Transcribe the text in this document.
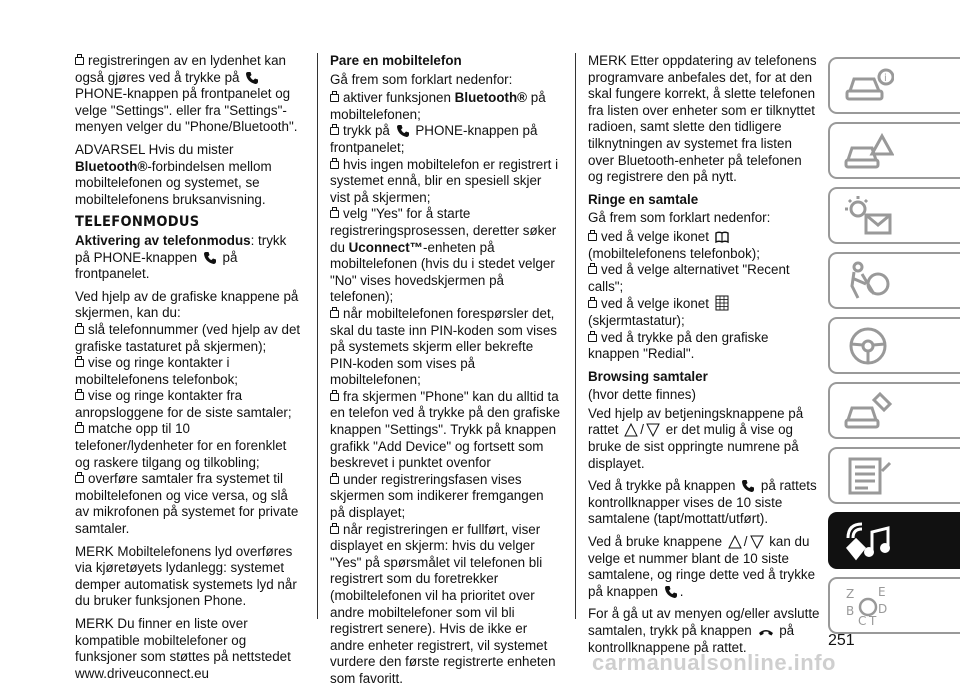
registreringen av en lydenhet kan også gjøres ved å trykke på  PHONE-knappen på frontpanelet og velge "Settings". eller fra "Settings"-menyen velger du "Phone/Bluetooth".

ADVARSEL Hvis du mister Bluetooth®-forbindelsen mellom mobiltelefonen og systemet, se mobiltelefonens bruksanvisning.

TELEFONMODUS

Aktivering av telefonmodus: trykk på PHONE-knappen på frontpanelet.

Ved hjelp av de grafiske knappene på skjermen, kan du:

slå telefonnummer (ved hjelp av det grafiske tastaturet på skjermen);
vise og ringe kontakter i mobiltelefonens telefonbok;
vise og ringe kontakter fra anropsloggene for de siste samtaler;
matche opp til 10 telefoner/lydenheter for en forenklet og raskere tilgang og tilkobling;
overføre samtaler fra systemet til mobiltelefonen og vice versa, og slå av mikrofonen på systemet for private samtaler.

MERK Mobiltelefonens lyd overføres via kjøretøyets lydanlegg: systemet demper automatisk systemets lyd når du bruker funksjonen Phone.

MERK Du finner en liste over kompatible mobiltelefoner og funksjoner som støttes på nettstedet www.driveuconnect.eu

Pare en mobiltelefon

Gå frem som forklart nedenfor:

aktiver funksjonen Bluetooth® på mobiltelefonen;
trykk på PHONE-knappen på frontpanelet;
hvis ingen mobiltelefon er registrert i systemet ennå, blir en spesiell skjer vist på skjermen;
velg "Yes" for å starte registreringsprosessen, deretter søker du Uconnect™-enheten på mobiltelefonen (hvis du i stedet velger "No" vises hovedskjermen på telefonen);
når mobiltelefonen forespørsler det, skal du taste inn PIN-koden som vises på systemets skjerm eller bekrefte PIN-koden som vises på mobiltelefonen;
fra skjermen "Phone" kan du alltid ta en telefon ved å trykke på den grafiske knappen "Settings". Trykk på knappen grafikk "Add Device" og fortsett som beskrevet i punktet ovenfor
under registreringsfasen vises skjermen som indikerer fremgangen på displayet;
når registreringen er fullført, viser displayet en skjerm: hvis du velger "Yes" på spørsmålet vil telefonen bli registrert som du foretrekker (mobiltelefonen vil ha prioritet over andre mobiltelefoner som vil bli registrert senere). Hvis de ikke er andre enheter registrert, vil systemet vurdere den første registrerte enheten som favoritt.

MERK Etter oppdatering av telefonens programvare anbefales det, for at den skal fungere korrekt, å slette telefonen fra listen over enheter som er tilknyttet radioen, samt slette den tidligere tilknytningen av systemet fra listen over Bluetooth-enheter på telefonen og registrere den på nytt.

Ringe en samtale

Gå frem som forklart nedenfor:

ved å velge ikonet  (mobiltelefonens telefonbok);
ved å velge alternativet "Recent calls";
ved å velge ikonet  (skjermtastatur);
ved å trykke på den grafiske knappen "Redial".
Browsing samtaler

(hvor dette finnes)

Ved hjelp av betjeningsknappene på rattet / er det mulig å vise og bruke de sist oppringte numrene på displayet.

Ved å trykke på knappen på rattets kontrollknapper vises de 10 siste samtalene (tapt/mottatt/utført).

Ved å bruke knappene / kan du velge et nummer blant de 10 siste samtalene, og ringe dette ved å trykke på knappen .

For å gå ut av menyen og/eller avslutte samtalen, trykk på knappen på kontrollknappene på rattet.

i
Z E
B D
C T
251
carmanualsonline.info
